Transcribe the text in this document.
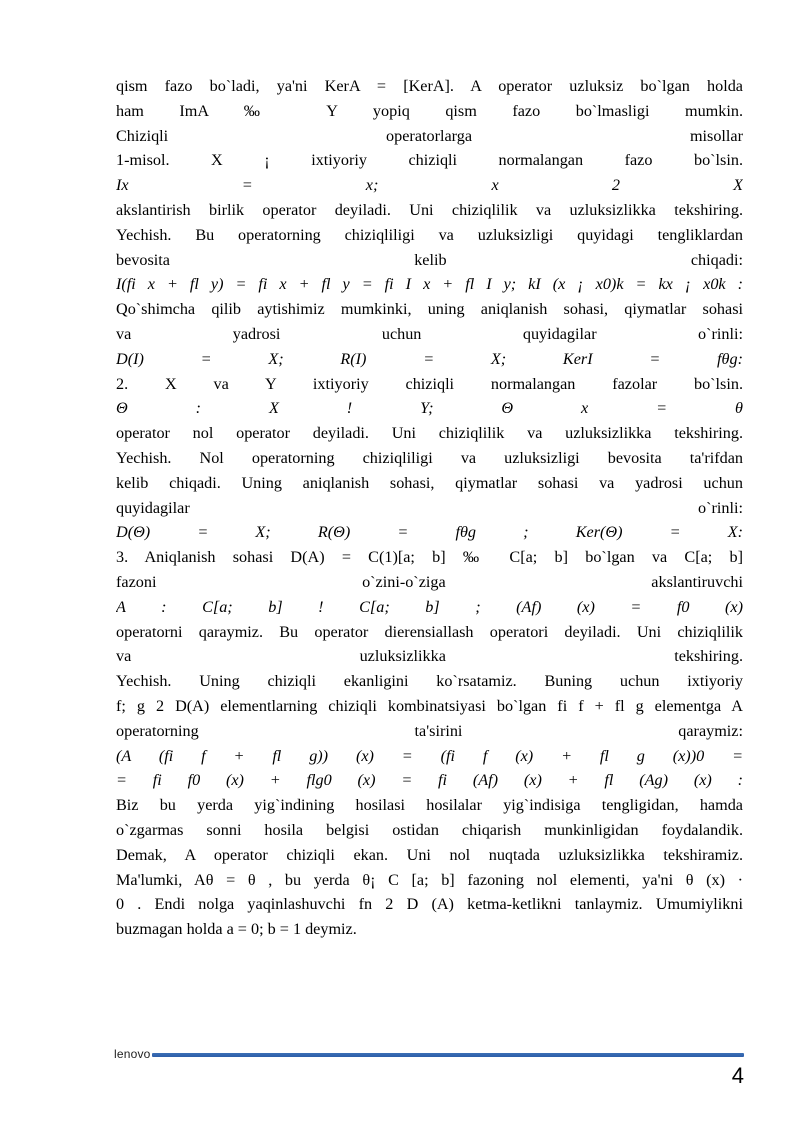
qism fazo bo`ladi, ya'ni KerA = [KerA]. A operator uzluksiz bo`lgan holda
ham ImA ‰ Y yopiq qism fazo bo`lmasligi mumkin.
Chiziqli operatorlarga misollar
1-misol. X ¡ ixtiyoriy chiziqli normalangan fazo bo`lsin.
Ix = x; x 2 X
akslantirish birlik operator deyiladi. Uni chiziqlilik va uzluksizlikka tekshiring.
Yechish. Bu operatorning chiziqliligi va uzluksizligi quyidagi tengliklardan
bevosita kelib chiqadi:
I(fi x + fl y) = fi x + fl y = fi I x + fl I y; kI (x ¡ x0)k = kx ¡ x0k :
Qo`shimcha qilib aytishimiz mumkinki, uning aniqlanish sohasi, qiymatlar sohasi
va yadrosi uchun quyidagilar o`rinli:
D(I) = X; R(I) = X; KerI = fθg:
2. X va Y ixtiyoriy chiziqli normalangan fazolar bo`lsin.
Θ : X ! Y; Θ x = θ
operator nol operator deyiladi. Uni chiziqlilik va uzluksizlikka tekshiring.
Yechish. Nol operatorning chiziqliligi va uzluksizligi bevosita ta'rifdan
kelib chiqadi. Uning aniqlanish sohasi, qiymatlar sohasi va yadrosi uchun
quyidagilar o`rinli:
D(Θ) = X; R(Θ) = fθg ; Ker(Θ) = X:
3. Aniqlanish sohasi D(A) = C(1)[a; b] ‰ C[a; b] bo`lgan va C[a; b]
fazoni o`zini-o`ziga akslantiruvchi
A : C[a; b] ! C[a; b] ; (Af) (x) = f0 (x)
operatorni qaraymiz. Bu operator dierensiallash operatori deyiladi. Uni chiziqlilik
va uzluksizlikka tekshiring.
Yechish. Uning chiziqli ekanligini ko`rsatamiz. Buning uchun ixtiyoriy
f; g 2 D(A) elementlarning chiziqli kombinatsiyasi bo`lgan fi f + fl g elementga A
operatorning ta'sirini qaraymiz:
(A (fi f + fl g)) (x) = (fi f (x) + fl g (x))0 =
= fi f0 (x) + flg0 (x) = fi (Af) (x) + fl (Ag) (x) :
Biz bu yerda yig`indining hosilasi hosilalar yig`indisiga tengligidan, hamda
o`zgarmas sonni hosila belgisi ostidan chiqarish munkinligidan foydalandik.
Demak, A operator chiziqli ekan. Uni nol nuqtada uzluksizlikka tekshiramiz.
Ma'lumki, Aθ = θ , bu yerda θ¡ C [a; b] fazoning nol elementi, ya'ni θ (x) ·
0 . Endi nolga yaqinlashuvchi fn 2 D (A) ketma-ketlikni tanlaymiz. Umumiylikni
buzmagan holda a = 0; b = 1 deymiz.
lenovo
4
